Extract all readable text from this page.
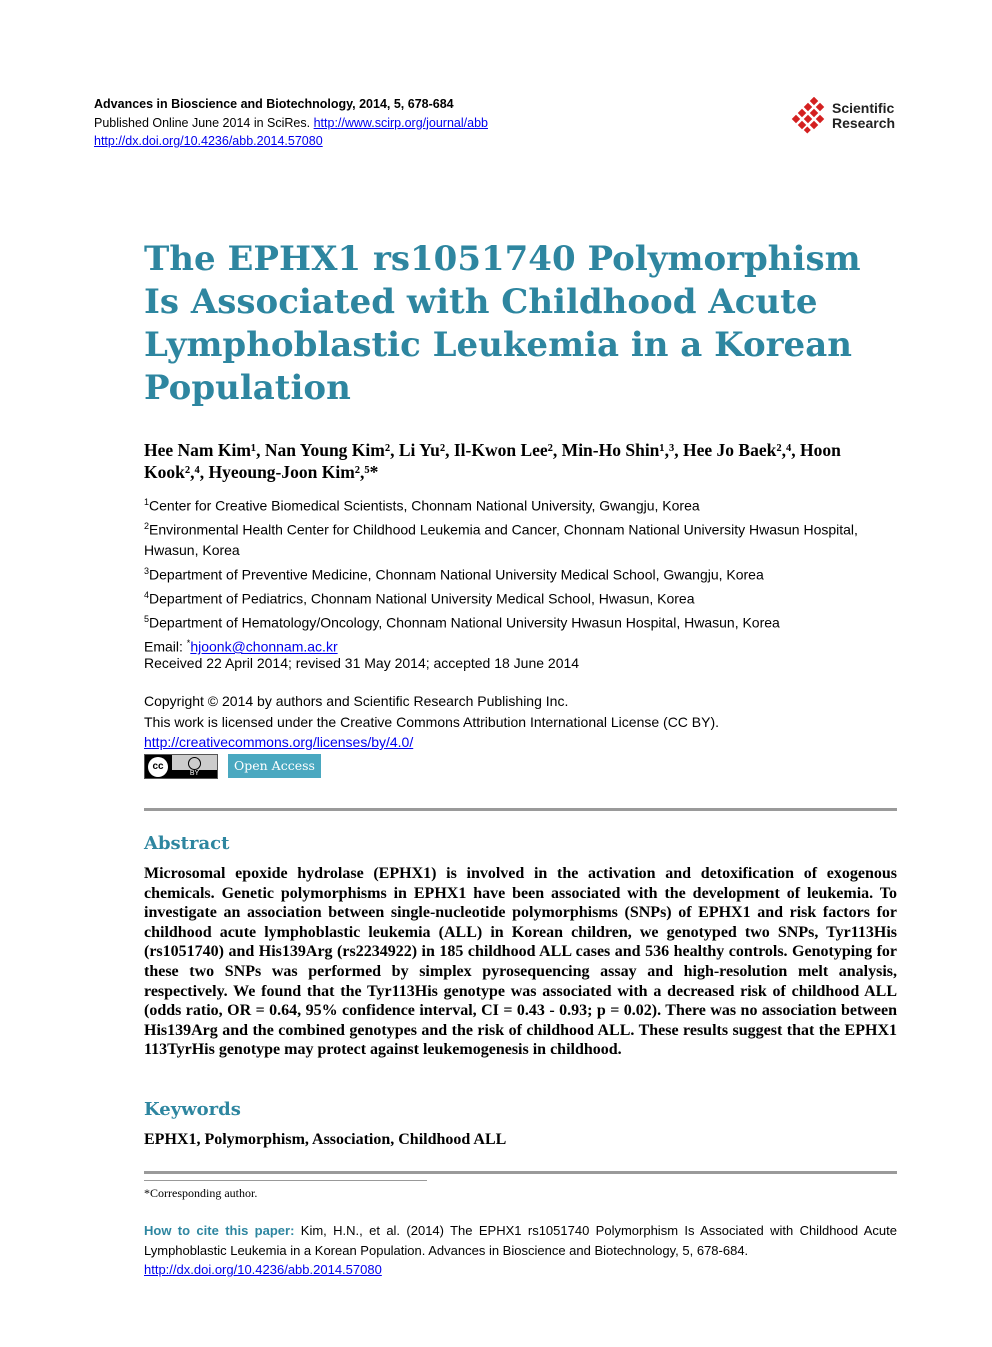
Advances in Bioscience and Biotechnology, 2014, 5, 678-684
Published Online June 2014 in SciRes. http://www.scirp.org/journal/abb
http://dx.doi.org/10.4236/abb.2014.57080
Scientific
Research
The EPHX1 rs1051740 Polymorphism Is Associated with Childhood Acute Lymphoblastic Leukemia in a Korean Population
Hee Nam Kim¹, Nan Young Kim², Li Yu², Il-Kwon Lee², Min-Ho Shin¹,³, Hee Jo Baek²,⁴, Hoon Kook²,⁴, Hyeoung-Joon Kim²,⁵*
$^1$Center for Creative Biomedical Scientists, Chonnam National University, Gwangju, Korea
$^2$Environmental Health Center for Childhood Leukemia and Cancer, Chonnam National University Hwasun Hospital, Hwasun, Korea
$^3$Department of Preventive Medicine, Chonnam National University Medical School, Gwangju, Korea
$^4$Department of Pediatrics, Chonnam National University Medical School, Hwasun, Korea
$^5$Department of Hematology/Oncology, Chonnam National University Hwasun Hospital, Hwasun, Korea
Email: *hjoonk@chonnam.ac.kr
Received 22 April 2014; revised 31 May 2014; accepted 18 June 2014
Copyright © 2014 by authors and Scientific Research Publishing Inc.
This work is licensed under the Creative Commons Attribution International License (CC BY).
http://creativecommons.org/licenses/by/4.0/
cc
BY
Open Access
Abstract
Microsomal epoxide hydrolase (EPHX1) is involved in the activation and detoxification of exogenous chemicals. Genetic polymorphisms in EPHX1 have been associated with the development of leukemia. To investigate an association between single-nucleotide polymorphisms (SNPs) of EPHX1 and risk factors for childhood acute lymphoblastic leukemia (ALL) in Korean children, we genotyped two SNPs, Tyr113His (rs1051740) and His139Arg (rs2234922) in 185 childhood ALL cases and 536 healthy controls. Genotyping for these two SNPs was performed by simplex pyrosequencing assay and high-resolution melt analysis, respectively. We found that the Tyr113His genotype was associated with a decreased risk of childhood ALL (odds ratio, OR = 0.64, 95% confidence interval, CI = 0.43 - 0.93; p = 0.02). There was no association between His139Arg and the combined genotypes and the risk of childhood ALL. These results suggest that the EPHX1 113TyrHis genotype may protect against leukemogenesis in childhood.
Keywords
EPHX1, Polymorphism, Association, Childhood ALL
*Corresponding author.
How to cite this paper: Kim, H.N., et al. (2014) The EPHX1 rs1051740 Polymorphism Is Associated with Childhood Acute Lymphoblastic Leukemia in a Korean Population. Advances in Bioscience and Biotechnology, 5, 678-684.
http://dx.doi.org/10.4236/abb.2014.57080
